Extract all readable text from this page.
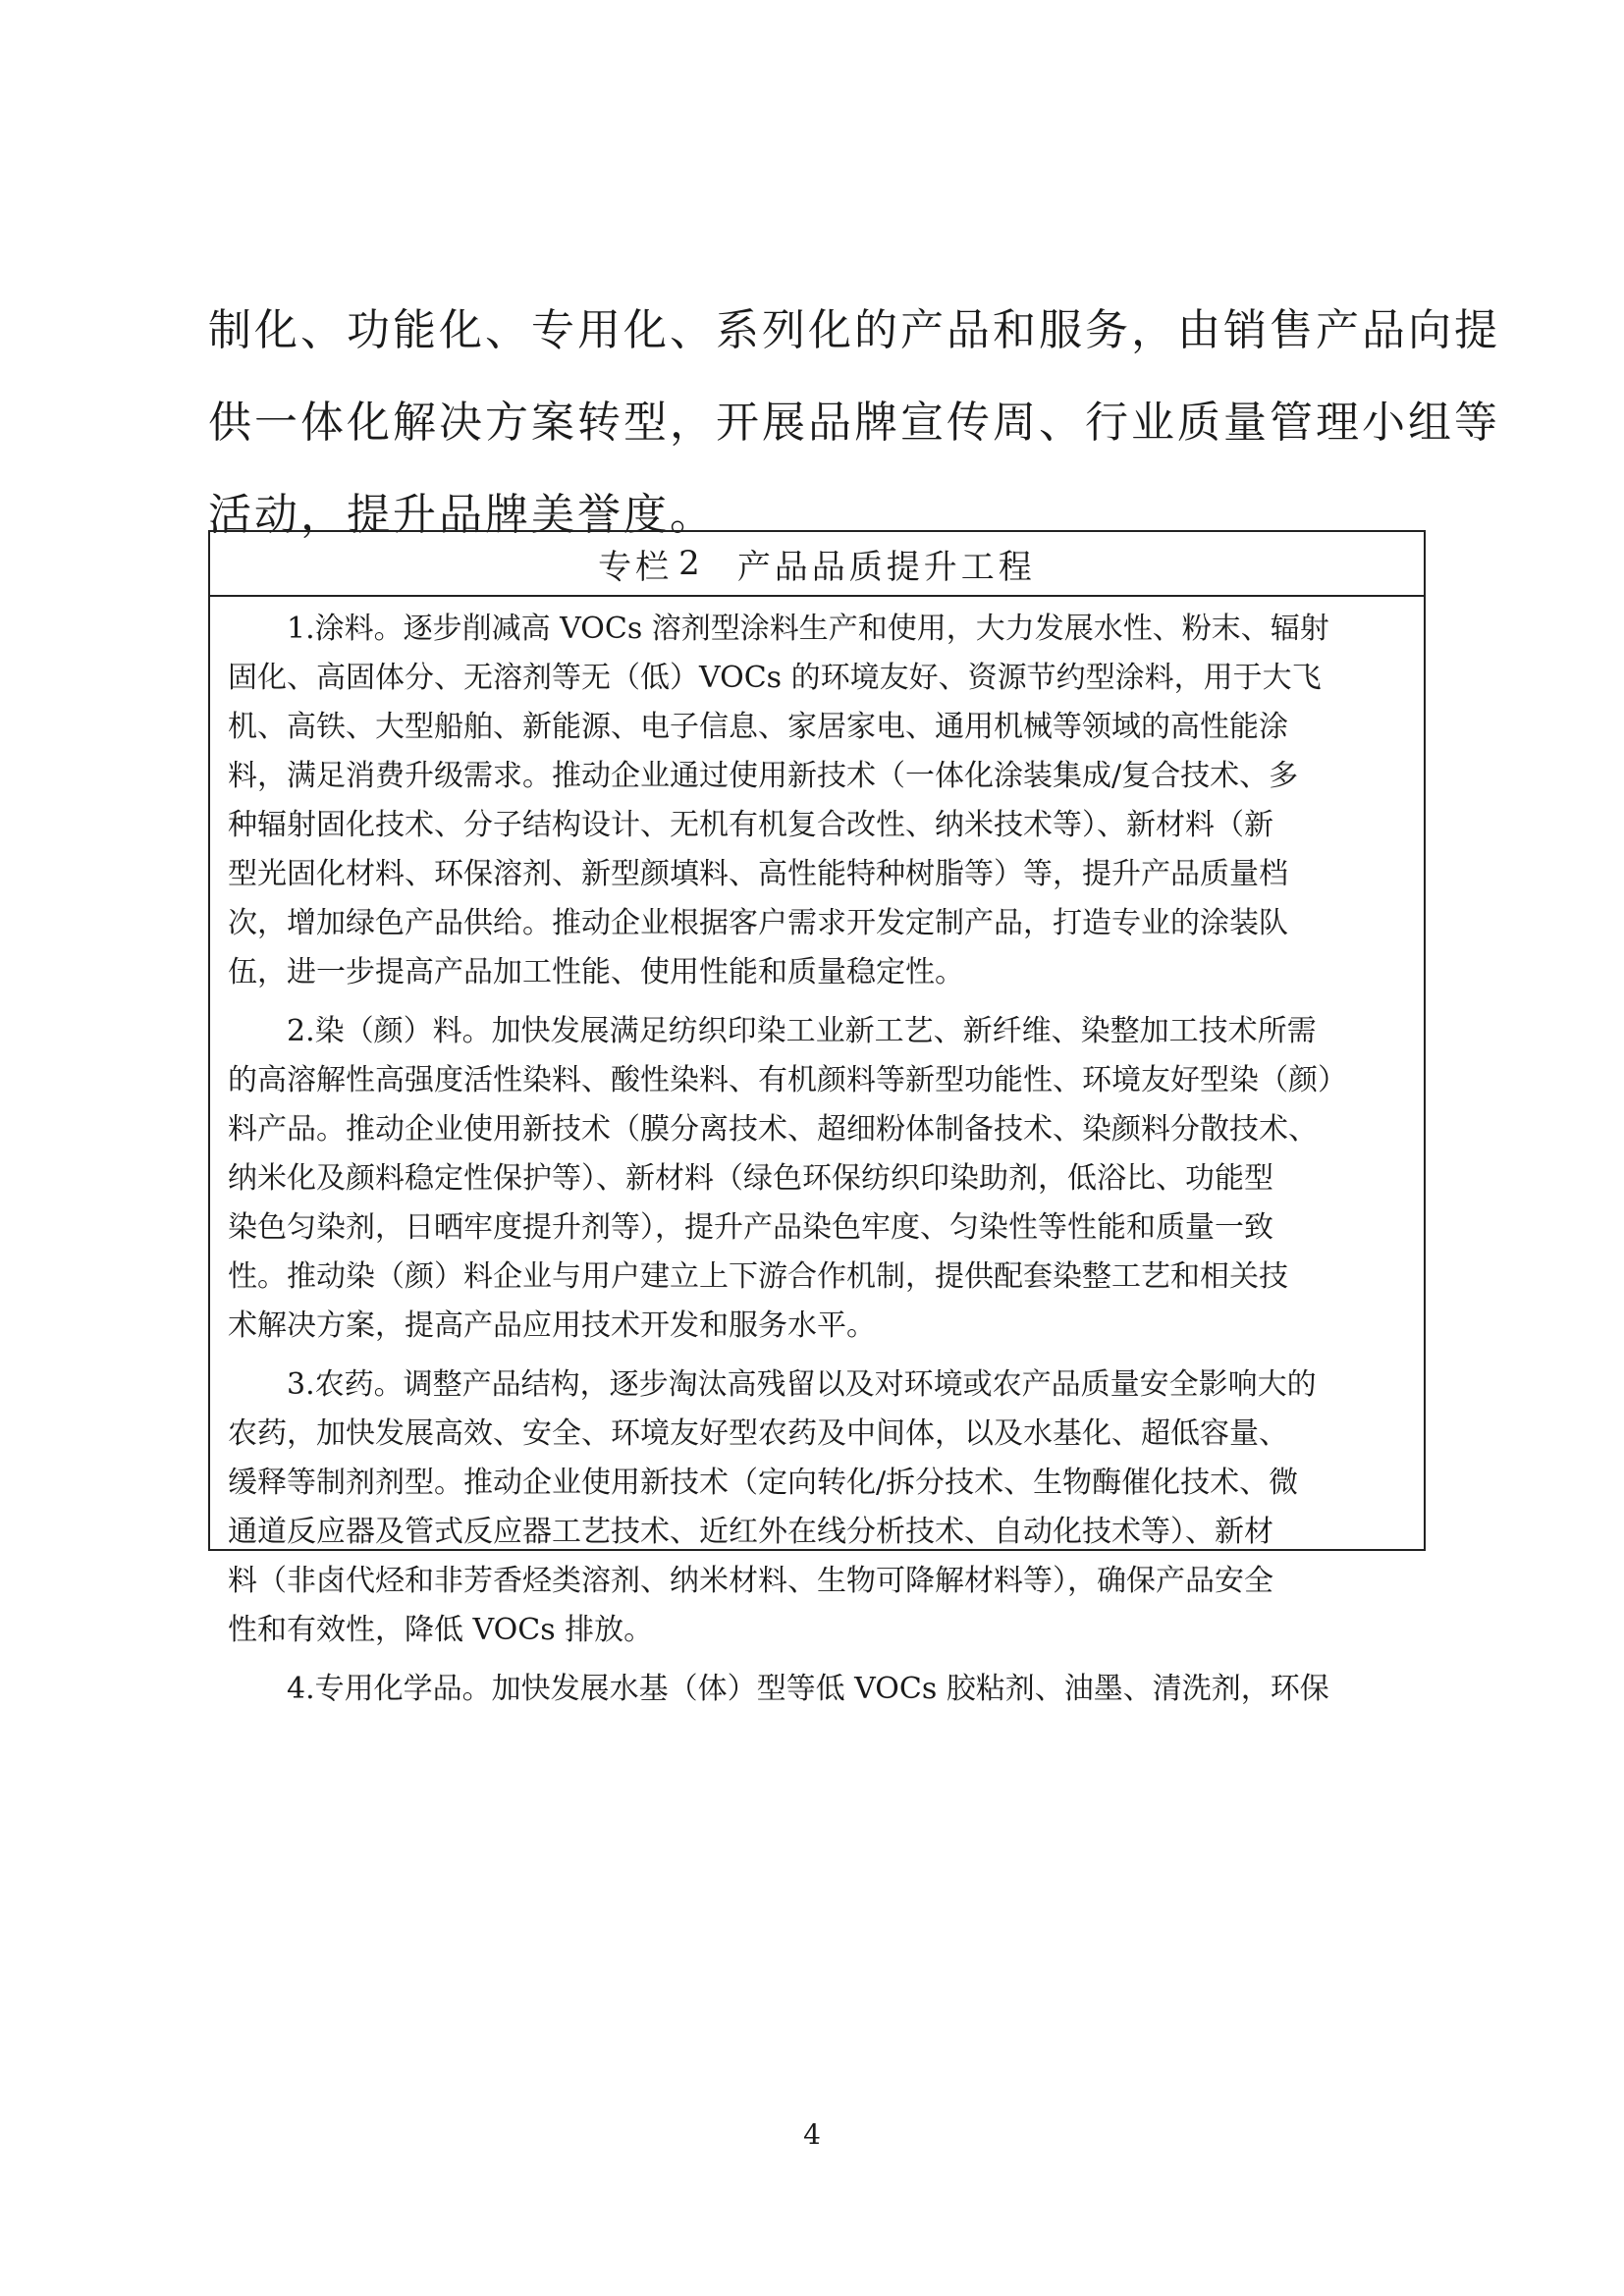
制化、功能化、专用化、系列化的产品和服务，由销售产品向提
供一体化解决方案转型，开展品牌宣传周、行业质量管理小组等
活动，提升品牌美誉度。
专栏 2 产品品质提升工程
1.涂料。逐步削减高 VOCs 溶剂型涂料生产和使用，大力发展水性、粉末、辐射
固化、高固体分、无溶剂等无（低）VOCs 的环境友好、资源节约型涂料，用于大飞
机、高铁、大型船舶、新能源、电子信息、家居家电、通用机械等领域的高性能涂
料，满足消费升级需求。推动企业通过使用新技术（一体化涂装集成/复合技术、多
种辐射固化技术、分子结构设计、无机有机复合改性、纳米技术等）、新材料（新
型光固化材料、环保溶剂、新型颜填料、高性能特种树脂等）等，提升产品质量档
次，增加绿色产品供给。推动企业根据客户需求开发定制产品，打造专业的涂装队
伍，进一步提高产品加工性能、使用性能和质量稳定性。
2.染（颜）料。加快发展满足纺织印染工业新工艺、新纤维、染整加工技术所需
的高溶解性高强度活性染料、酸性染料、有机颜料等新型功能性、环境友好型染（颜）
料产品。推动企业使用新技术（膜分离技术、超细粉体制备技术、染颜料分散技术、
纳米化及颜料稳定性保护等）、新材料（绿色环保纺织印染助剂，低浴比、功能型
染色匀染剂，日晒牢度提升剂等），提升产品染色牢度、匀染性等性能和质量一致
性。推动染（颜）料企业与用户建立上下游合作机制，提供配套染整工艺和相关技
术解决方案，提高产品应用技术开发和服务水平。
3.农药。调整产品结构，逐步淘汰高残留以及对环境或农产品质量安全影响大的
农药，加快发展高效、安全、环境友好型农药及中间体，以及水基化、超低容量、
缓释等制剂剂型。推动企业使用新技术（定向转化/拆分技术、生物酶催化技术、微
通道反应器及管式反应器工艺技术、近红外在线分析技术、自动化技术等）、新材
料（非卤代烃和非芳香烃类溶剂、纳米材料、生物可降解材料等），确保产品安全
性和有效性，降低 VOCs 排放。
4.专用化学品。加快发展水基（体）型等低 VOCs 胶粘剂、油墨、清洗剂，环保
4
